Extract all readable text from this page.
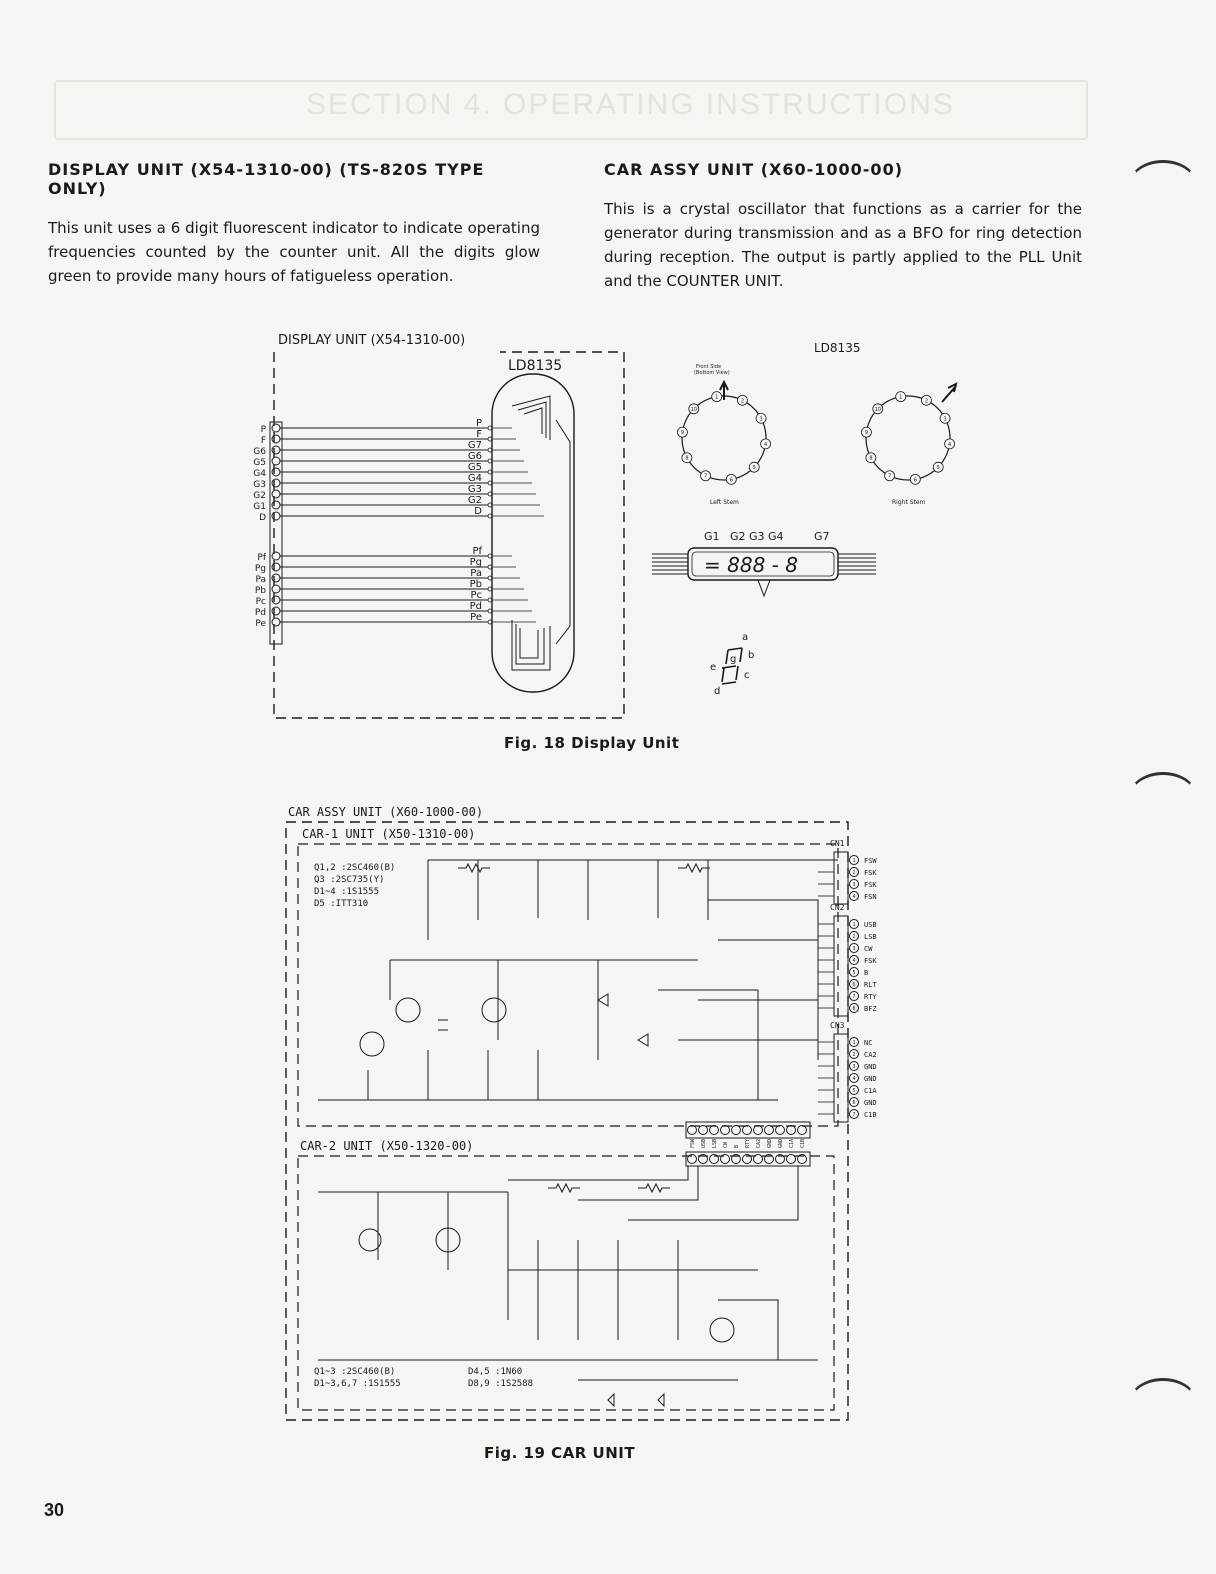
SECTION 4. OPERATING INSTRUCTIONS
DISPLAY UNIT (X54-1310-00) (TS-820S TYPE ONLY)

This unit uses a 6 digit fluorescent indicator to indicate operating frequencies counted by the counter unit. All the digits glow green to provide many hours of fatigueless operation.

CAR ASSY UNIT (X60-1000-00)

This is a crystal oscillator that functions as a carrier for the generator during transmission and as a BFO for ring detection during reception. The output is partly applied to the PLL Unit and the COUNTER UNIT.

DISPLAY UNIT (X54-1310-00)
LD8135
P
P
F
F
G6
G7
G5
G6
G4
G5
G3
G4
G2
G3
G1
G2
D
D
Pf
Pf
Pg
Pg
Pa
Pa
Pb
Pb
Pc
Pc
Pd
Pd
Pe
Pe
LD8135
Front Side
(Bottom View)
1
2
3
4
5
6
7
8
9
10
Left Stem
1
2
3
4
5
6
7
8
9
10
Right Stem
G1 G2 G3 G4	G7
= 888 - 8
a
b
c
d
e
g
Fig. 18 Display Unit
CAR ASSY UNIT (X60-1000-00)
CAR-1 UNIT (X50-1310-00)
Q1,2 :2SC460(B)
Q3 :2SC735(Y)
D1~4 :1S1555
D5 :ITT310
CAR-2 UNIT (X50-1320-00)
Q1~3 :2SC460(B)
D1~3,6,7 :1S1555
D4,5 :1N60
D8,9 :1S2588
CN1
1 FSW
2 FSK
3 FSK
4 FSN
CN2
1 USB
2 LSB
3 CW
4 FSK
5 B
6 RLT
7 RTY
8 BFZ
CN3
1 NC
2 CA2
3 GND
4 GND
5 C1A
6 GND
7 C1B
FSW USB LSB CW B RTY CA2 GND GND C1A C1B
Fig. 19 CAR UNIT
30
